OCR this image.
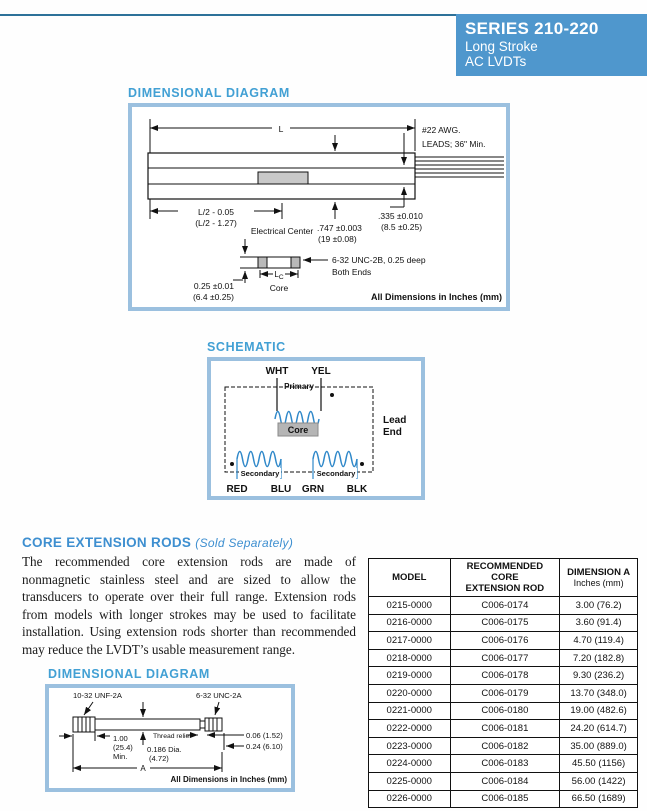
SERIES 210-220
Long Stroke
AC LVDTs
DIMENSIONAL DIAGRAM
L	#22 AWG.
LEADS; 36" Min.
.335 ±0.010
(8.5 ±0.25)
L/2 - 0.05
(L/2 - 1.27)
Electrical Center .747 ±0.003
(19 ±0.08)
0.25 ±0.01
(6.4 ±0.25)
$L_C$
Core
6-32 UNC-2B, 0.25 deep
Both Ends
All Dimensions in Inches (mm)
SCHEMATIC
WHT YEL
Primary
Core
Lead
End
Secondary	Secondary
RED BLU GRN BLK
CORE EXTENSION RODS (Sold Separately)
The recommended core extension rods are made of nonmagnetic stainless steel and are sized to allow the transducers to operate over their full range. Extension rods from models with longer strokes may be used to facilitate installation. Using extension rods shorter than recommended may reduce the LVDT’s usable measurement range.
MODEL	
RECOMMENDED CORE
EXTENSION ROD

DIMENSION A
Inches (mm)

0215-0000	C006-0174	3.00 (76.2)
0216-0000	C006-0175	3.60 (91.4)
0217-0000	C006-0176	4.70 (119.4)
0218-0000	C006-0177	7.20 (182.8)
0219-0000	C006-0178	9.30 (236.2)
0220-0000	C006-0179	13.70 (348.0)
0221-0000	C006-0180	19.00 (482.6)
0222-0000	C006-0181	24.20 (614.7)
0223-0000	C006-0182	35.00 (889.0)
0224-0000	C006-0183	45.50 (1156)
0225-0000	C006-0184	56.00 (1422)
0226-0000	C006-0185	66.50 (1689)
DIMENSIONAL DIAGRAM
10-32 UNF-2A	6-32 UNC-2A
1.00
(25.4)
Min.
Thread relief
0.186 Dia.
(4.72)
0.06 (1.52)
0.24 (6.10)
A
All Dimensions in Inches (mm)
